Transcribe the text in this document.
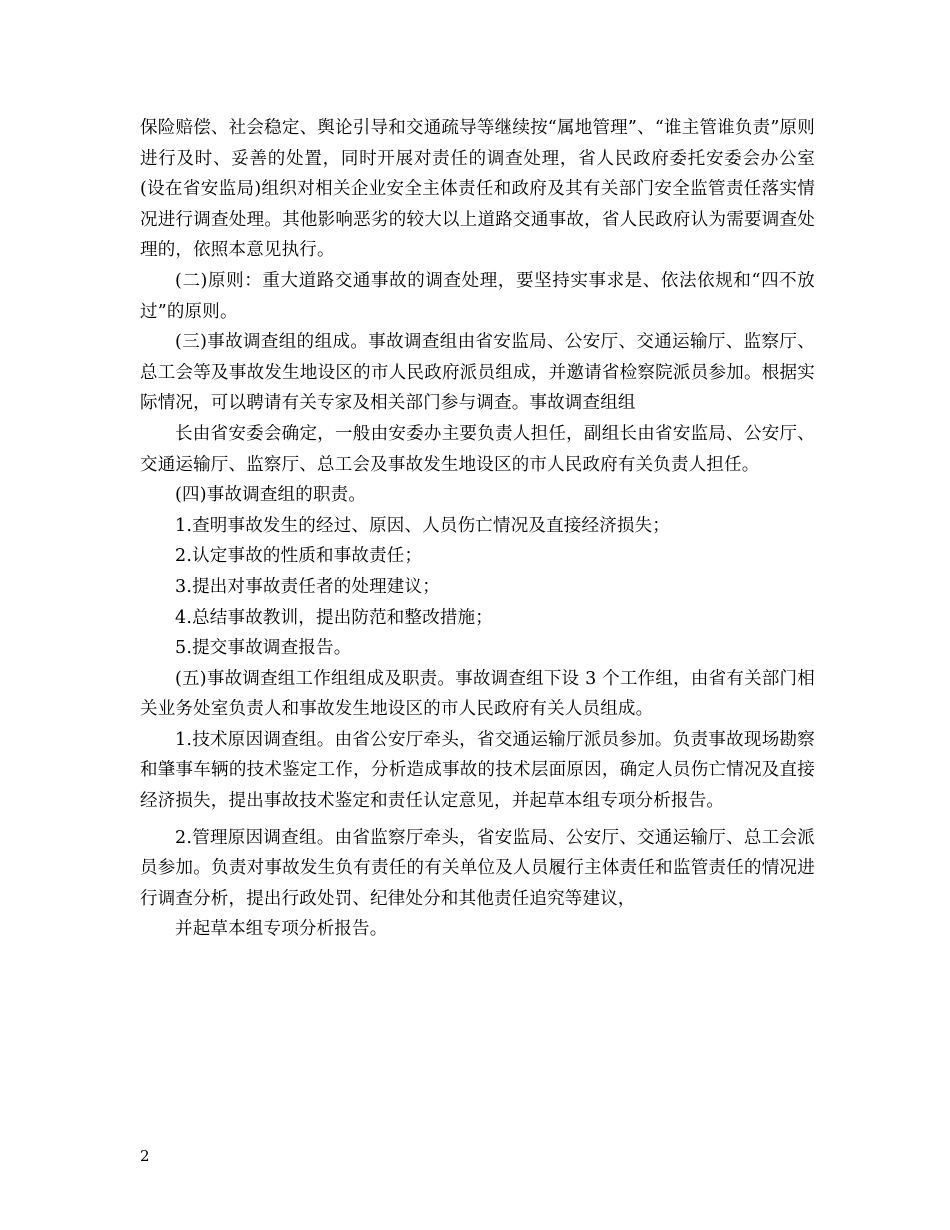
保险赔偿、社会稳定、舆论引导和交通疏导等继续按“属地管理”、“谁主管谁负责”原则进行及时、妥善的处置，同时开展对责任的调查处理，省人民政府委托安委会办公室(设在省安监局)组织对相关企业安全主体责任和政府及其有关部门安全监管责任落实情况进行调查处理。其他影响恶劣的较大以上道路交通事故，省人民政府认为需要调查处理的，依照本意见执行。

(二)原则：重大道路交通事故的调查处理，要坚持实事求是、依法依规和“四不放过”的原则。

(三)事故调查组的组成。事故调查组由省安监局、公安厅、交通运输厅、监察厅、总工会等及事故发生地设区的市人民政府派员组成，并邀请省检察院派员参加。根据实际情况，可以聘请有关专家及相关部门参与调查。事故调查组组

长由省安委会确定，一般由安委办主要负责人担任，副组长由省安监局、公安厅、交通运输厅、监察厅、总工会及事故发生地设区的市人民政府有关负责人担任。

(四)事故调查组的职责。

1.查明事故发生的经过、原因、人员伤亡情况及直接经济损失；

2.认定事故的性质和事故责任；

3.提出对事故责任者的处理建议；

4.总结事故教训，提出防范和整改措施；

5.提交事故调查报告。

(五)事故调查组工作组组成及职责。事故调查组下设 3 个工作组，由省有关部门相关业务处室负责人和事故发生地设区的市人民政府有关人员组成。

1.技术原因调查组。由省公安厅牵头，省交通运输厅派员参加。负责事故现场勘察和肇事车辆的技术鉴定工作，分析造成事故的技术层面原因，确定人员伤亡情况及直接经济损失，提出事故技术鉴定和责任认定意见，并起草本组专项分析报告。

2.管理原因调查组。由省监察厅牵头，省安监局、公安厅、交通运输厅、总工会派员参加。负责对事故发生负有责任的有关单位及人员履行主体责任和监管责任的情况进行调查分析，提出行政处罚、纪律处分和其他责任追究等建议，

并起草本组专项分析报告。

2
